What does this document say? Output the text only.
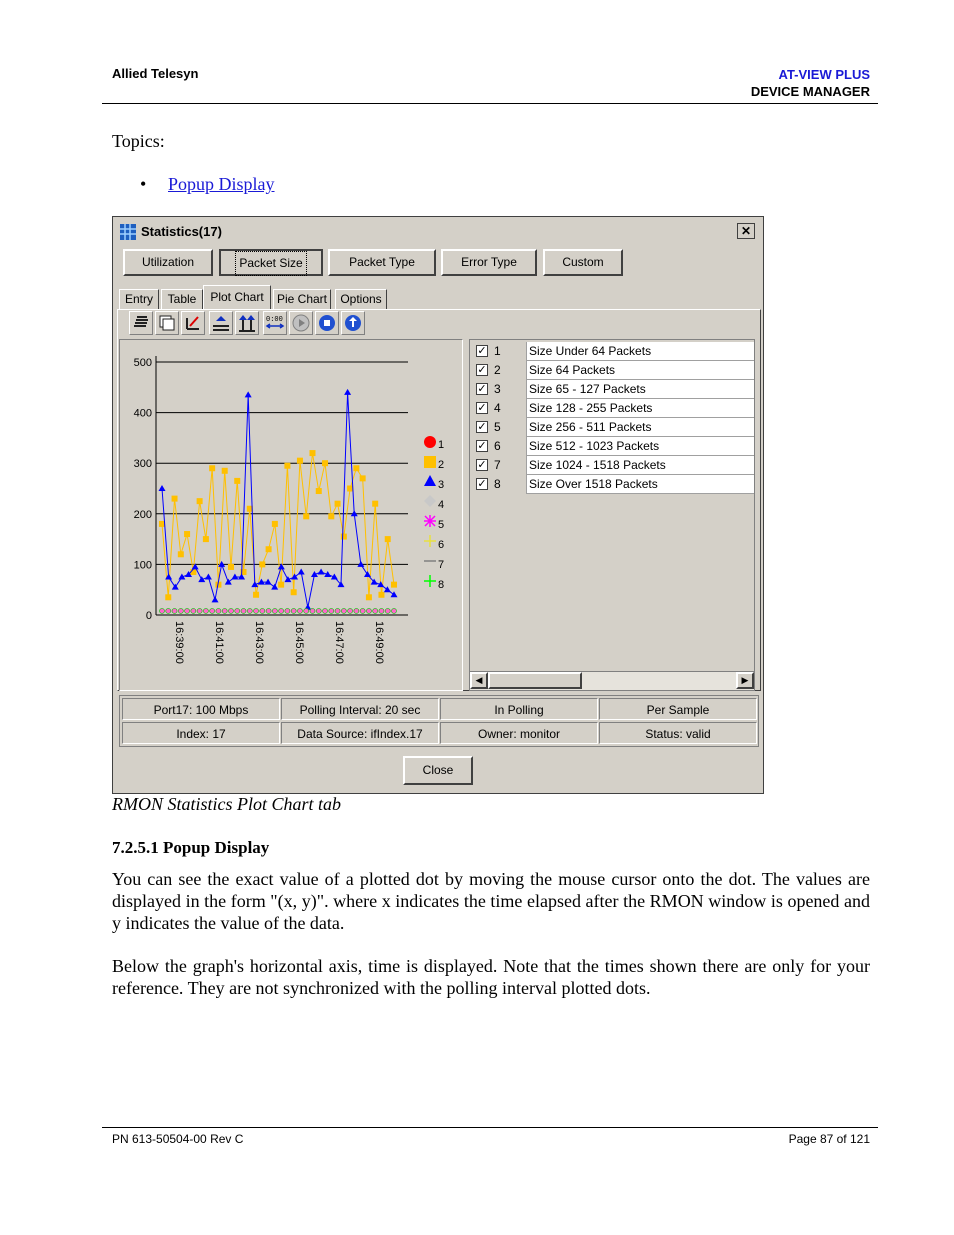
Allied Telesyn	AT-VIEW PLUS
DEVICE MANAGER
Topics:
• Popup Display
Statistics(17)	✕
Utilization	Packet Size	Packet Type	Error Type	Custom
Entry	Table	Plot Chart	Pie Chart	Options
0:00
0
100
200
300
400
500
16:39:00	16:41:00	16:43:00	16:45:00	16:47:00	16:49:00
1
2
3
4
5
6
7
8
✓ 1 Size Under 64 Packets
✓ 2 Size 64 Packets
✓ 3 Size 65 - 127 Packets
✓ 4 Size 128 - 255 Packets
✓ 5 Size 256 - 511 Packets
✓ 6 Size 512 - 1023 Packets
✓ 7 Size 1024 - 1518 Packets
✓ 8 Size Over 1518 Packets
◀	▶
Port17: 100 Mbps	Polling Interval: 20 sec	In Polling	Per Sample
Index: 17	Data Source: ifIndex.17	Owner: monitor	Status: valid
Close
RMON Statistics Plot Chart tab
7.2.5.1 Popup Display

You can see the exact value of a plotted dot by moving the mouse cursor onto the dot. The values are displayed in the form "(x, y)". where x indicates the time elapsed after the RMON window is opened and y indicates the value of the data.

Below the graph's horizontal axis, time is displayed. Note that the times shown there are only for your reference. They are not synchronized with the polling interval plotted dots.

PN 613-50504-00 Rev C	Page 87 of 121
